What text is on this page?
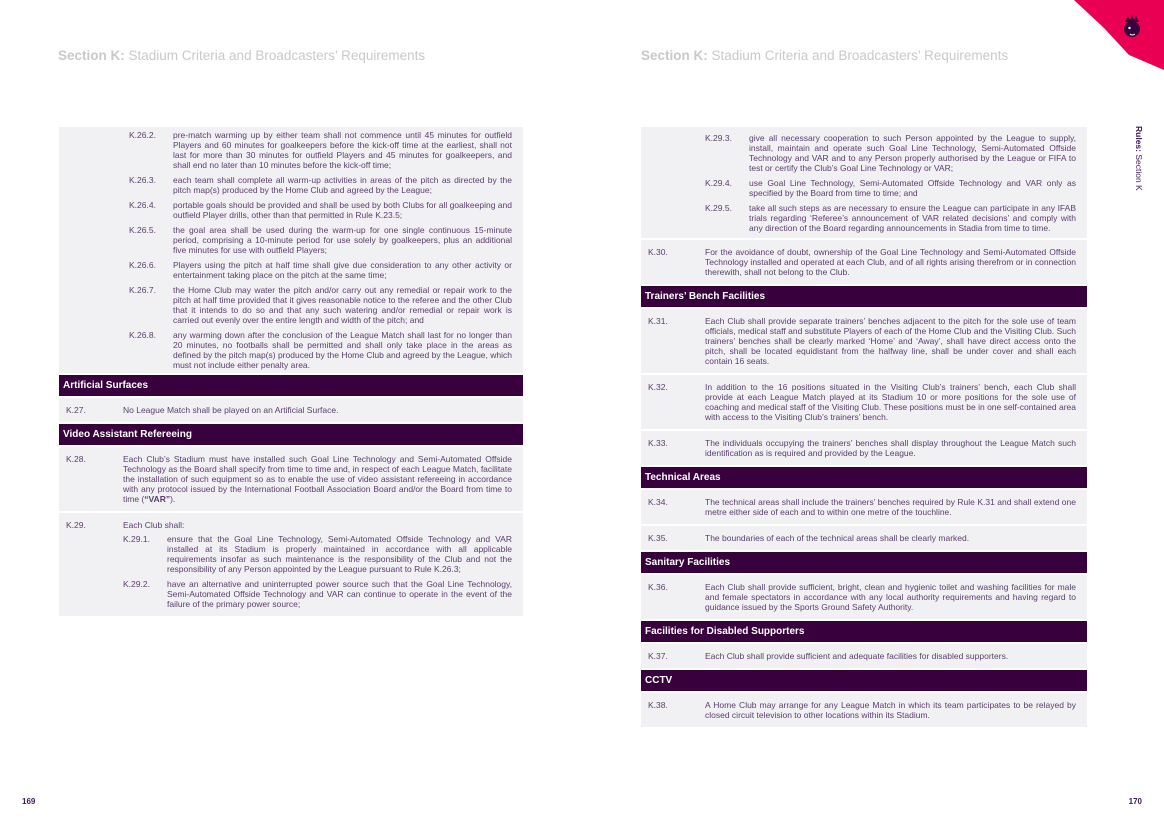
Section K: Stadium Criteria and Broadcasters’ Requirements
K.26.2.	pre-match warming up by either team shall not commence until 45 minutes for outfield Players and 60 minutes for goalkeepers before the kick-off time at the earliest, shall not last for more than 30 minutes for outfield Players and 45 minutes for goalkeepers, and shall end no later than 10 minutes before the kick-off time;
K.26.3.	each team shall complete all warm-up activities in areas of the pitch as directed by the pitch map(s) produced by the Home Club and agreed by the League;
K.26.4.	portable goals should be provided and shall be used by both Clubs for all goalkeeping and outfield Player drills, other than that permitted in Rule K.23.5;
K.26.5.	the goal area shall be used during the warm-up for one single continuous 15-minute period, comprising a 10-minute period for use solely by goalkeepers, plus an additional five minutes for use with outfield Players;
K.26.6.	Players using the pitch at half time shall give due consideration to any other activity or entertainment taking place on the pitch at the same time;
K.26.7.	the Home Club may water the pitch and/or carry out any remedial or repair work to the pitch at half time provided that it gives reasonable notice to the referee and the other Club that it intends to do so and that any such watering and/or remedial or repair work is carried out evenly over the entire length and width of the pitch; and
K.26.8.	any warming down after the conclusion of the League Match shall last for no longer than 20 minutes, no footballs shall be permitted and shall only take place in the areas as defined by the pitch map(s) produced by the Home Club and agreed by the League, which must not include either penalty area.
Artificial Surfaces
K.27.	No League Match shall be played on an Artificial Surface.
Video Assistant Refereeing
K.28.	Each Club’s Stadium must have installed such Goal Line Technology and Semi-Automated Offside Technology as the Board shall specify from time to time and, in respect of each League Match, facilitate the installation of such equipment so as to enable the use of video assistant refereeing in accordance with any protocol issued by the International Football Association Board and/or the Board from time to time (“VAR”).
K.29.	Each Club shall:
K.29.1.	ensure that the Goal Line Technology, Semi-Automated Offside Technology and VAR installed at its Stadium is properly maintained in accordance with all applicable requirements insofar as such maintenance is the responsibility of the Club and not the responsibility of any Person appointed by the League pursuant to Rule K.26.3;
K.29.2.	have an alternative and uninterrupted power source such that the Goal Line Technology, Semi-Automated Offside Technology and VAR can continue to operate in the event of the failure of the primary power source;
169
Section K: Stadium Criteria and Broadcasters’ Requirements
K.29.3.	give all necessary cooperation to such Person appointed by the League to supply, install, maintain and operate such Goal Line Technology, Semi-Automated Offside Technology and VAR and to any Person properly authorised by the League or FIFA to test or certify the Club’s Goal Line Technology or VAR;
K.29.4.	use Goal Line Technology, Semi-Automated Offside Technology and VAR only as specified by the Board from time to time; and
K.29.5.	take all such steps as are necessary to ensure the League can participate in any IFAB trials regarding ‘Referee’s announcement of VAR related decisions’ and comply with any direction of the Board regarding announcements in Stadia from time to time.
K.30.	For the avoidance of doubt, ownership of the Goal Line Technology and Semi-Automated Offside Technology installed and operated at each Club, and of all rights arising therefrom or in connection therewith, shall not belong to the Club.
Trainers’ Bench Facilities
K.31.	Each Club shall provide separate trainers’ benches adjacent to the pitch for the sole use of team officials, medical staff and substitute Players of each of the Home Club and the Visiting Club. Such trainers’ benches shall be clearly marked ‘Home’ and ‘Away’, shall have direct access onto the pitch, shall be located equidistant from the halfway line, shall be under cover and shall each contain 16 seats.
K.32.	In addition to the 16 positions situated in the Visiting Club’s trainers’ bench, each Club shall provide at each League Match played at its Stadium 10 or more positions for the sole use of coaching and medical staff of the Visiting Club. These positions must be in one self-contained area with access to the Visiting Club’s trainers’ bench.
K.33.	The individuals occupying the trainers’ benches shall display throughout the League Match such identification as is required and provided by the League.
Technical Areas
K.34.	The technical areas shall include the trainers’ benches required by Rule K.31 and shall extend one metre either side of each and to within one metre of the touchline.
K.35.	The boundaries of each of the technical areas shall be clearly marked.
Sanitary Facilities
K.36.	Each Club shall provide sufficient, bright, clean and hygienic toilet and washing facilities for male and female spectators in accordance with any local authority requirements and having regard to guidance issued by the Sports Ground Safety Authority.
Facilities for Disabled Supporters
K.37.	Each Club shall provide sufficient and adequate facilities for disabled supporters.
CCTV
K.38.	A Home Club may arrange for any League Match in which its team participates to be relayed by closed circuit television to other locations within its Stadium.
170
Rules: Section K
